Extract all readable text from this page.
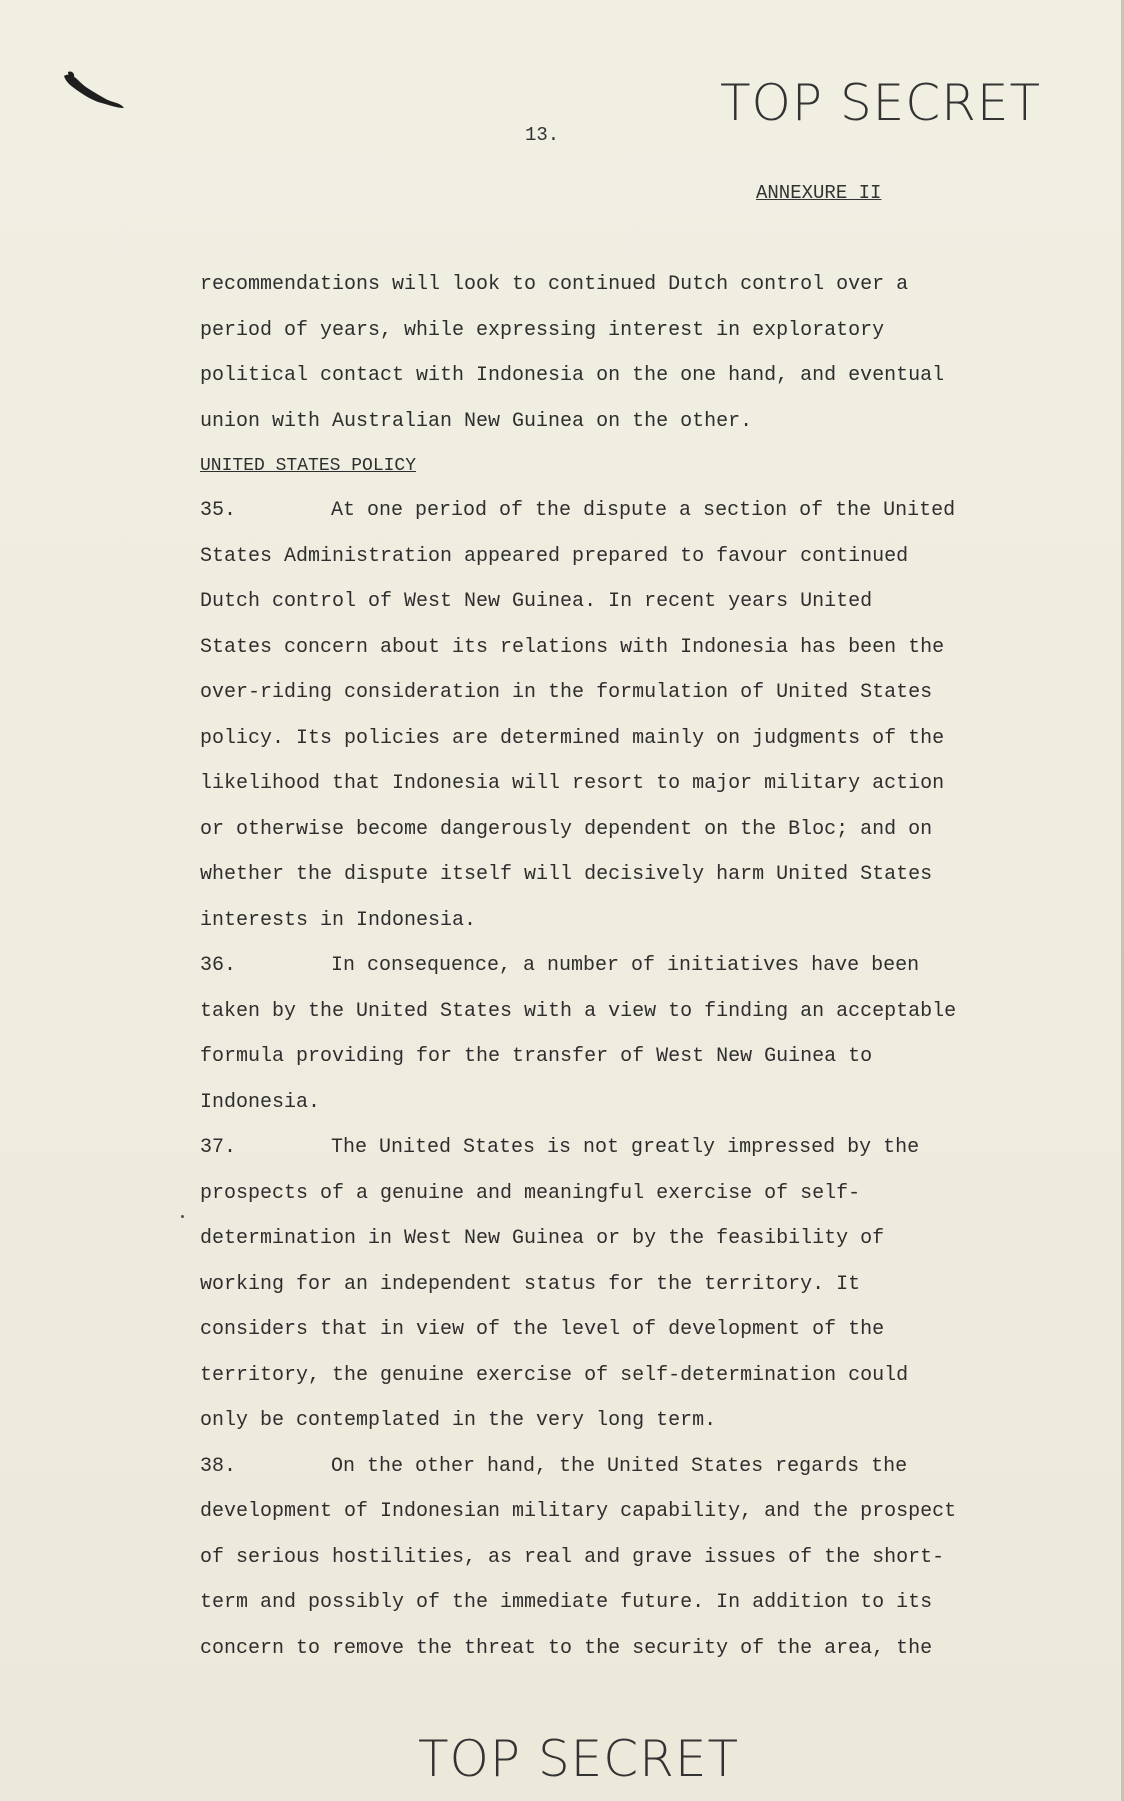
TOP SECRET
13.
ANNEXURE II
recommendations will look to continued Dutch control over a
period of years, while expressing interest in exploratory
political contact with Indonesia on the one hand, and eventual
union with Australian New Guinea on the other.
UNITED STATES POLICY
35.	At one period of the dispute a section of the United
States Administration appeared prepared to favour continued
Dutch control of West New Guinea. In recent years United
States concern about its relations with Indonesia has been the
over-riding consideration in the formulation of United States
policy. Its policies are determined mainly on judgments of the
likelihood that Indonesia will resort to major military action
or otherwise become dangerously dependent on the Bloc; and on
whether the dispute itself will decisively harm United States
interests in Indonesia.
36.	In consequence, a number of initiatives have been
taken by the United States with a view to finding an acceptable
formula providing for the transfer of West New Guinea to
Indonesia.
37.	The United States is not greatly impressed by the
prospects of a genuine and meaningful exercise of self-
determination in West New Guinea or by the feasibility of
working for an independent status for the territory. It
considers that in view of the level of development of the
territory, the genuine exercise of self-determination could
only be contemplated in the very long term.
38.	On the other hand, the United States regards the
development of Indonesian military capability, and the prospect
of serious hostilities, as real and grave issues of the short-
term and possibly of the immediate future. In addition to its
concern to remove the threat to the security of the area, the
TOP SECRET
